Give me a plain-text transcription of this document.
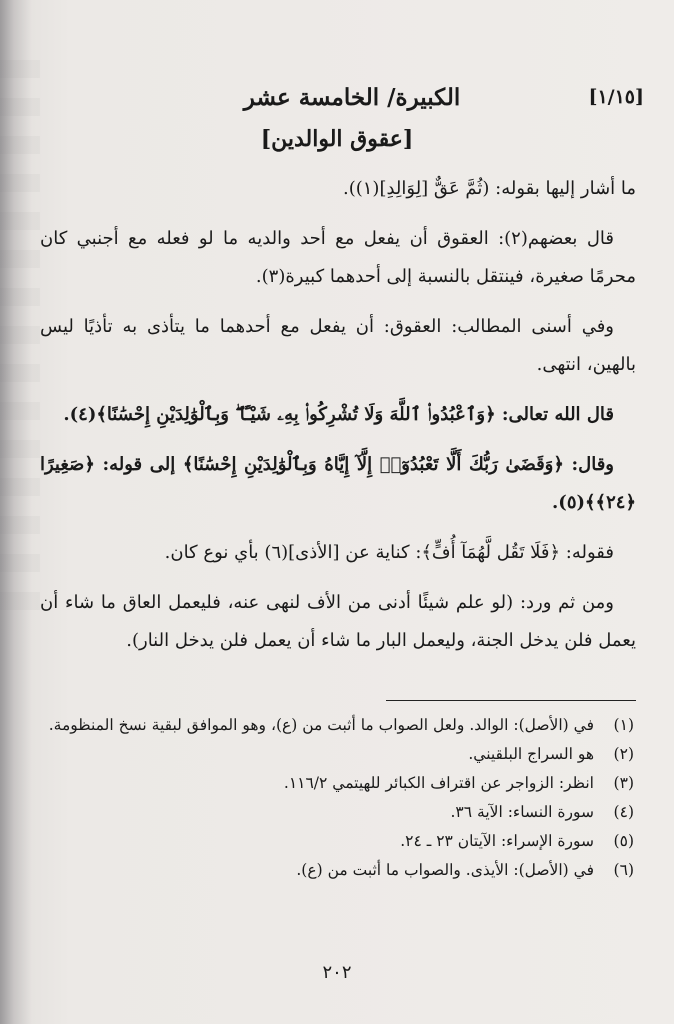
[١/١٥]
الكبيرة/ الخامسة عشر
[عقوق الوالدين]

ما أشار إليها بقوله: (ثُمَّ عَقٌّ [لِوَالِدِ](١)).

قال بعضهم(٢): العقوق أن يفعل مع أحد والديه ما لو فعله مع أجنبي كان محرمًا صغيرة، فينتقل بالنسبة إلى أحدهما كبيرة(٣).

وفي أسنى المطالب: العقوق: أن يفعل مع أحدهما ما يتأذى به تأذيًا ليس بالهين، انتهى.

قال الله تعالى: ﴿وَٱعْبُدُوا۟ ٱللَّهَ وَلَا تُشْرِكُوا۟ بِهِۦ شَيْـًٔا ۖ وَبِٱلْوَٰلِدَيْنِ إِحْسَٰنًا﴾(٤).

وقال: ﴿وَقَضَىٰ رَبُّكَ أَلَّا تَعْبُدُوٓا۟ إِلَّآ إِيَّاهُ وَبِٱلْوَٰلِدَيْنِ إِحْسَٰنًا﴾ إلى قوله: ﴿صَغِيرًا ﴿٢٤﴾﴾(٥).

فقوله: ﴿فَلَا تَقُل لَّهُمَآ أُفٍّ﴾: كناية عن [الأذى](٦) بأي نوع كان.

ومن ثم ورد: (لو علم شيئًا أدنى من الأف لنهى عنه، فليعمل العاق ما شاء أن يعمل فلن يدخل الجنة، وليعمل البار ما شاء أن يعمل فلن يدخل النار).

(١)
في (الأصل): الوالد. ولعل الصواب ما أثبت من (ع)، وهو الموافق لبقية نسخ المنظومة.
(٢)
هو السراج البلقيني.
(٣)
انظر: الزواجر عن اقتراف الكبائر للهيتمي ١١٦/٢.
(٤)
سورة النساء: الآية ٣٦.
(٥)
سورة الإسراء: الآيتان ٢٣ ـ ٢٤.
(٦)
في (الأصل): الأيذى. والصواب ما أثبت من (ع).
٢٠٢
